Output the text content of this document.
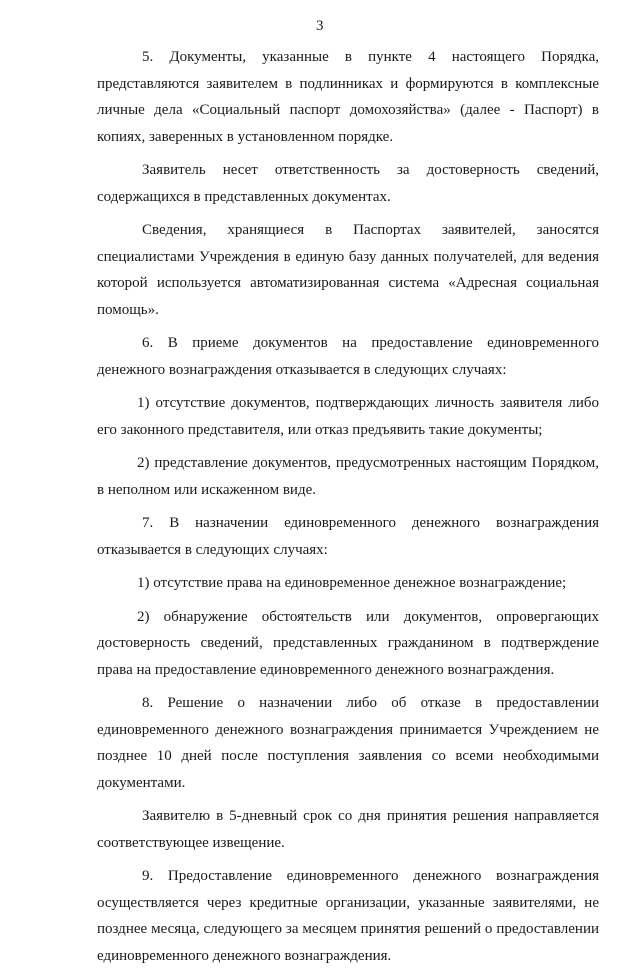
3

5. Документы, указанные в пункте 4 настоящего Порядка, представляются заявителем в подлинниках и формируются в комплексные личные дела «Социальный паспорт домохозяйства» (далее - Паспорт) в копиях, заверенных в установленном порядке.

Заявитель несет ответственность за достоверность сведений, содержащихся в представленных документах.

Сведения, хранящиеся в Паспортах заявителей, заносятся специалистами Учреждения в единую базу данных получателей, для ведения которой используется автоматизированная система «Адресная социальная помощь».

6. В приеме документов на предоставление единовременного денежного вознаграждения отказывается в следующих случаях:

1) отсутствие документов, подтверждающих личность заявителя либо его законного представителя, или отказ предъявить такие документы;

2) представление документов, предусмотренных настоящим Порядком, в неполном или искаженном виде.

7. В назначении единовременного денежного вознаграждения отказывается в следующих случаях:

1) отсутствие права на единовременное денежное вознаграждение;

2) обнаружение обстоятельств или документов, опровергающих достоверность сведений, представленных гражданином в подтверждение права на предоставление единовременного денежного вознаграждения.

8. Решение о назначении либо об отказе в предоставлении единовременного денежного вознаграждения принимается Учреждением не позднее 10 дней после поступления заявления со всеми необходимыми документами.

Заявителю в 5-дневный срок со дня принятия решения направляется соответствующее извещение.

9. Предоставление единовременного денежного вознаграждения осуществляется через кредитные организации, указанные заявителями, не позднее месяца, следующего за месяцем принятия решений о предоставлении единовременного денежного вознаграждения.
